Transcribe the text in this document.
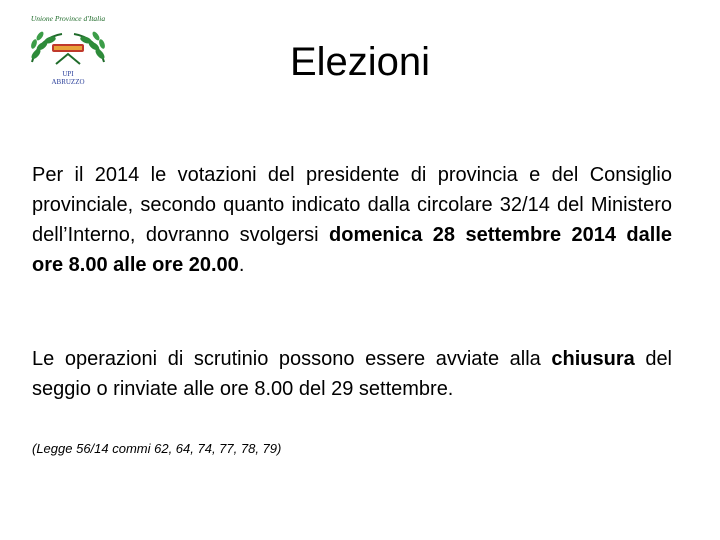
Unione Province d'Italia
UPI
ABRUZZO	Elezioni

Per il 2014 le votazioni del presidente di provincia e del Consiglio provinciale, secondo quanto indicato dalla circolare 32/14 del Ministero dell’Interno, dovranno svolgersi domenica 28 settembre 2014 dalle ore 8.00 alle ore 20.00.

Le operazioni di scrutinio possono essere avviate alla chiusura del seggio o rinviate alle ore 8.00 del 29 settembre.

(Legge 56/14 commi 62, 64, 74, 77, 78, 79)
